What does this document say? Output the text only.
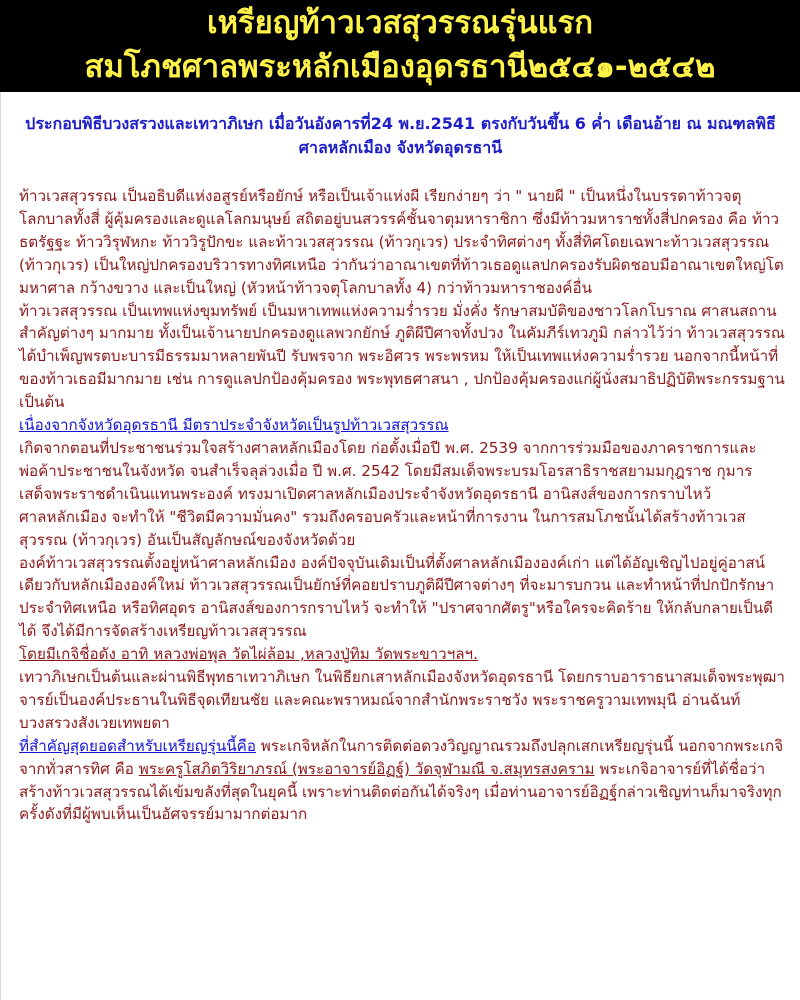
เหรียญท้าวเวสสุวรรณรุ่นแรก
สมโภชศาลพระหลักเมืองอุดรธานี๒๕๔๑-๒๕๔๒
ประกอบพิธีบวงสรวงและเทวาภิเษก เมื่อวันอังคารที่24 พ.ย.2541 ตรงกับวันขึ้น 6 ค่ำ เดือนอ้าย ณ มณฑลพิธีศาลหลักเมือง จังหวัดอุดรธานี

ท้าวเวสสุวรรณ เป็นอธิบดีแห่งอสูรย์หรือยักษ์ หรือเป็นเจ้าแห่งผี เรียกง่ายๆ ว่า " นายผี " เป็นหนึ่งในบรรดาท้าวจตุโลกบาลทั้งสี่ ผู้คุ้มครองและดูแลโลกมนุษย์ สถิตอยู่บนสวรรค์ชั้นจาตุมหาราชิกา ซึ่งมีท้าวมหาราชทั้งสี่ปกครอง คือ ท้าวธตรัฐฐะ ท้าววิรุฬหกะ ท้าววิรูปักขะ และท้าวเวสสุวรรณ (ท้าวกุเวร) ประจำทิศต่างๆ ทั้งสี่ทิศโดยเฉพาะท้าวเวสสุวรรณ (ท้าวกุเวร) เป็นใหญ่ปกครองบริวารทางทิศเหนือ ว่ากันว่าอาณาเขตที่ท้าวเธอดูแลปกครองรับผิดชอบมีอาณาเขตใหญ่โตมหาศาล กว้างขวาง และเป็นใหญ่ (หัวหน้าท้าวจตุโลกบาลทั้ง 4) กว่าท้าวมหาราชองค์อื่น

ท้าวเวสสุวรรณ เป็นเทพแห่งขุมทรัพย์ เป็นมหาเทพแห่งความร่ำรวย มั่งคั่ง รักษาสมบัติของชาวโลกโบราณ ศาสนสถานสำคัญต่างๆ มากมาย ทั้งเป็นเจ้านายปกครองดูแลพวกยักษ์ ภูติผีปีศาจทั้งปวง ในคัมภีร์เทวภูมิ กล่าวไว้ว่า ท้าวเวสสุวรรณได้บำเพ็ญพรตบะบารมีธรรมมาหลายพันปี รับพรจาก พระอิศวร พระพรหม ให้เป็นเทพแห่งความร่ำรวย นอกจากนี้หน้าที่ของท้าวเธอมีมากมาย เช่น การดูแลปกป้องคุ้มครอง พระพุทธศาสนา , ปกป้องคุ้มครองแก่ผู้นั่งสมาธิปฏิบัติพระกรรมฐาน เป็นต้น

เนื่องจากจังหวัดอุดรธานี มีตราประจำจังหวัดเป็นรูปท้าวเวสสุวรรณ

เกิดจากตอนที่ประชาชนร่วมใจสร้างศาลหลักเมืองโดย ก่อตั้งเมื่อปี พ.ศ. 2539 จากการร่วมมือของภาคราชการและพ่อค้าประชาชนในจังหวัด จนสำเร็จลุล่วงเมื่อ ปี พ.ศ. 2542 โดยมีสมเด็จพระบรมโอรสาธิราชสยามมกุฎราช กุมาร เสด็จพระราชดำเนินแทนพระองค์ ทรงมาเปิดศาลหลักเมืองประจำจังหวัดอุดรธานี อานิสงส์ของการกราบไหว้ศาลหลักเมือง จะทำให้ "ชีวิตมีความมั่นคง" รวมถึงครอบครัวและหน้าที่การงาน ในการสมโภชนั้นได้สร้างท้าวเวสสุวรรณ (ท้าวกุเวร) อันเป็นสัญลักษณ์ของจังหวัดด้วย

องค์ท้าวเวสสุวรรณตั้งอยู่หน้าศาลหลักเมือง องค์ปัจจุบันเดิมเป็นที่ตั้งศาลหลักเมืององค์เก่า แต่ได้อัญเชิญไปอยู่คู่อาสน์เดียวกับหลักเมืององค์ใหม่ ท้าวเวสสุวรรณเป็นยักษ์ที่คอยปราบภูติผีปีศาจต่างๆ ที่จะมารบกวน และทำหน้าที่ปกปักรักษาประจำทิศเหนือ หรือทิศอุดร อานิสงส์ของการกราบไหว้ จะทำให้ "ปราศจากศัตรู"หรือใครจะคิดร้าย ให้กลับกลายเป็นดีได้ จึงได้มีการจัดสร้างเหรียญท้าวเวสสุวรรณ

โดยมีเกจิชื่อดัง อาทิ หลวงพ่อพุล วัดไผ่ล้อม ,หลวงปู่ทิม วัดพระขาวฯลฯ.

เทวาภิเษกเป็นต้นและผ่านพิธีพุทธาเทวาภิเษก ในพิธียกเสาหลักเมืองจังหวัดอุดรธานี โดยกราบอาราธนาสมเด็จพระพุฒาจารย์เป็นองค์ประธานในพิธีจุดเทียนชัย และคณะพราหมณ์จากสำนักพระราชวัง พระราชครูวามเทพมุนี อ่านฉันท์บวงสรวงสังเวยเทพยดา

ที่สำคัญสุดยอดสำหรับเหรียญรุ่นนี้คือ พระเกจิหลักในการติดต่อดวงวิญญาณรวมถึงปลุกเสกเหรียญรุ่นนี้ นอกจากพระเกจิจากทั่วสารทิศ คือ พระครูโสภิตวิริยาภรณ์ (พระอาจารย์อิฏฐ์) วัดจุฬามณี จ.สมุทรสงคราม พระเกจิอาจารย์ที่ได้ชื่อว่าสร้างท้าวเวสสุวรรณได้เข้มขลังที่สุดในยุคนี้ เพราะท่านติดต่อกันได้จริงๆ เมื่อท่านอาจารย์อิฏฐ์กล่าวเชิญท่านก็มาจริงทุกครั้งดังที่มีผู้พบเห็นเป็นอัศจรรย์มามากต่อมาก
